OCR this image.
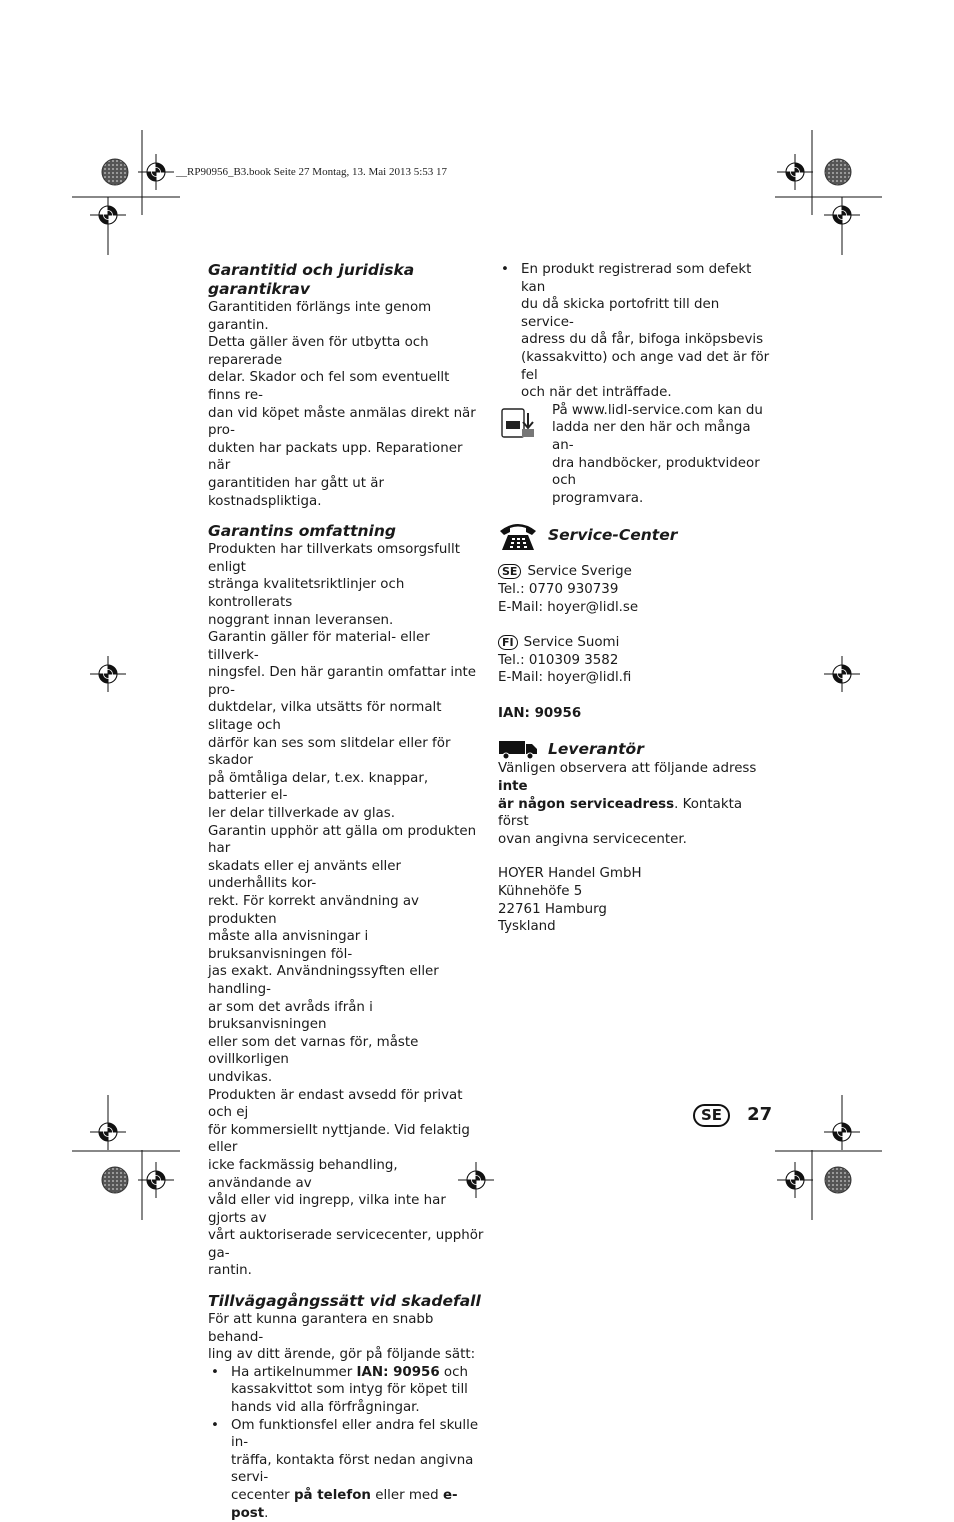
__RP90956_B3.book Seite 27 Montag, 13. Mai 2013 5:53 17
Garantitid och juridiska
garantikrav

Garantitiden förlängs inte genom garantin.
Detta gäller även för utbytta och reparerade
delar. Skador och fel som eventuellt finns re-
dan vid köpet måste anmälas direkt när pro-
dukten har packats upp. Reparationer när
garantitiden har gått ut är kostnadspliktiga.

Garantins omfattning

Produkten har tillverkats omsorgsfullt enligt
stränga kvalitetsriktlinjer och kontrollerats
noggrant innan leveransen.
Garantin gäller för material- eller tillverk-
ningsfel. Den här garantin omfattar inte pro-
duktdelar, vilka utsätts för normalt slitage och
därför kan ses som slitdelar eller för skador
på ömtåliga delar, t.ex. knappar, batterier el-
ler delar tillverkade av glas.
Garantin upphör att gälla om produkten har
skadats eller ej använts eller underhållits kor-
rekt. För korrekt användning av produkten
måste alla anvisningar i bruksanvisningen föl-
jas exakt. Användningssyften eller handling-
ar som det avråds ifrån i bruksanvisningen
eller som det varnas för, måste ovillkorligen
undvikas.
Produkten är endast avsedd för privat och ej
för kommersiellt nyttjande. Vid felaktig eller
icke fackmässig behandling, användande av
våld eller vid ingrepp, vilka inte har gjorts av
vårt auktoriserade servicecenter, upphör ga-
rantin.

Tillvägagångssätt vid skadefall

För att kunna garantera en snabb behand-
ling av ditt ärende, gör på följande sätt:

• Ha artikelnummer IAN: 90956 och
kassakvittot som intyg för köpet till
hands vid alla förfrågningar.
• Om funktionsfel eller andra fel skulle in-
träffa, kontakta först nedan angivna servi-
cecenter på telefon eller med e-post.
• En produkt registrerad som defekt kan
du då skicka portofritt till den service-
adress du då får, bifoga inköpsbevis
(kassakvitto) och ange vad det är för fel
och när det inträffade.

På www.lidl-service.com kan du
ladda ner den här och många an-
dra handböcker, produktvideor och
programvara.

Service-Center
SE Service Sverige
Tel.: 0770 930739
E-Mail: hoyer@lidl.se
FI Service Suomi
Tel.: 010309 3582
E-Mail: hoyer@lidl.fi
IAN: 90956
Leverantör

Vänligen observera att följande adress inte
är någon serviceadress. Kontakta först
ovan angivna servicecenter.

HOYER Handel GmbH
Kühnehöfe 5
22761 Hamburg
Tyskland

SE 27
